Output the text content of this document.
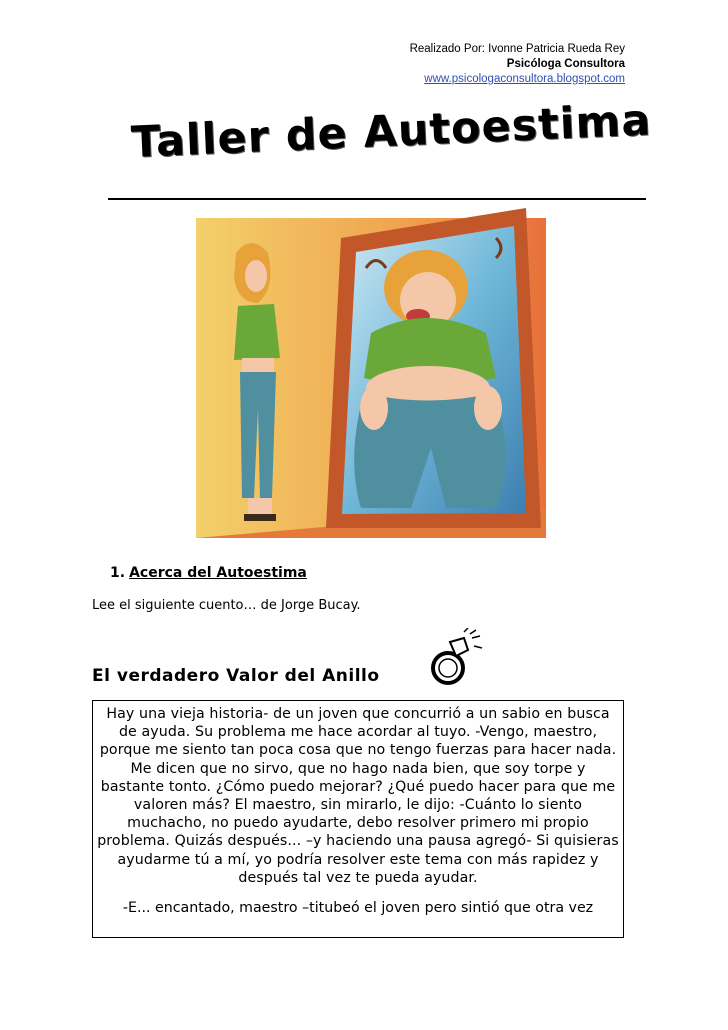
Realizado Por: Ivonne Patricia Rueda Rey
Psicóloga Consultora
www.psicologaconsultora.blogspot.com
Taller de Autoestima
1. Acerca del Autoestima
Lee el siguiente cuento… de Jorge Bucay.
El verdadero Valor del Anillo
Hay una vieja historia- de un joven que concurrió a un sabio en busca de ayuda. Su problema me hace acordar al tuyo. -Vengo, maestro, porque me siento tan poca cosa que no tengo fuerzas para hacer nada. Me dicen que no sirvo, que no hago nada bien, que soy torpe y bastante tonto. ¿Cómo puedo mejorar? ¿Qué puedo hacer para que me valoren más? El maestro, sin mirarlo, le dijo: -Cuánto lo siento muchacho, no puedo ayudarte, debo resolver primero mi propio problema. Quizás después... –y haciendo una pausa agregó- Si quisieras ayudarme tú a mí, yo podría resolver este tema con más rapidez y después tal vez te pueda ayudar.
-E... encantado, maestro –titubeó el joven pero sintió que otra vez
